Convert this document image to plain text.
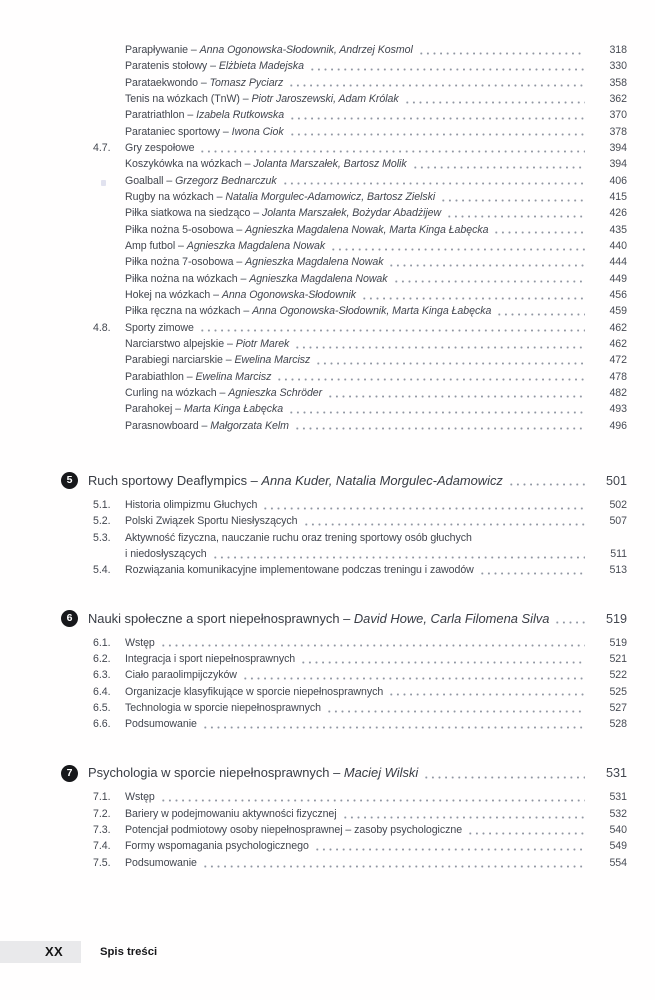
Parapływanie – Anna Ogonowska-Słodownik, Andrzej Kosmol	318

Paratenis stołowy – Elżbieta Madejska	330

Parataekwondo – Tomasz Pyciarz	358

Tenis na wózkach (TnW) – Piotr Jaroszewski, Adam Królak	362

Paratriathlon – Izabela Rutkowska	370

Parataniec sportowy – Iwona Ciok	378
4.7.	Gry zespołowe	394

Koszykówka na wózkach – Jolanta Marszałek, Bartosz Molik	394

Goalball – Grzegorz Bednarczuk	406

Rugby na wózkach – Natalia Morgulec-Adamowicz, Bartosz Zielski	415

Piłka siatkowa na siedząco – Jolanta Marszałek, Bożydar Abadżijew	426

Piłka nożna 5-osobowa – Agnieszka Magdalena Nowak, Marta Kinga Łabęcka	435

Amp futbol – Agnieszka Magdalena Nowak	440

Piłka nożna 7-osobowa – Agnieszka Magdalena Nowak	444

Piłka nożna na wózkach – Agnieszka Magdalena Nowak	449

Hokej na wózkach – Anna Ogonowska-Słodownik	456

Piłka ręczna na wózkach – Anna Ogonowska-Słodownik, Marta Kinga Łabęcka	459
4.8.	Sporty zimowe	462

Narciarstwo alpejskie – Piotr Marek	462

Parabiegi narciarskie – Ewelina Marcisz	472

Parabiathlon – Ewelina Marcisz	478

Curling na wózkach – Agnieszka Schröder	482

Parahokej – Marta Kinga Łabęcka	493

Parasnowboard – Małgorzata Kelm	496
5	Ruch sportowy Deaflympics – Anna Kuder, Natalia Morgulec-Adamowicz	501
5.1.	Historia olimpizmu Głuchych	502
5.2.	Polski Związek Sportu Niesłyszących	507
5.3.	Aktywność fizyczna, nauczanie ruchu oraz trening sportowy osób głuchych

i niedosłyszących	511
5.4.	Rozwiązania komunikacyjne implementowane podczas treningu i zawodów	513
6	Nauki społeczne a sport niepełnosprawnych – David Howe, Carla Filomena Silva	519
6.1.	Wstęp	519
6.2.	Integracja i sport niepełnosprawnych	521
6.3.	Ciało paraolimpijczyków	522
6.4.	Organizacje klasyfikujące w sporcie niepełnosprawnych	525
6.5.	Technologia w sporcie niepełnosprawnych	527
6.6.	Podsumowanie	528
7	Psychologia w sporcie niepełnosprawnych – Maciej Wilski	531
7.1.	Wstęp	531
7.2.	Bariery w podejmowaniu aktywności fizycznej	532
7.3.	Potencjał podmiotowy osoby niepełnosprawnej – zasoby psychologiczne	540
7.4.	Formy wspomagania psychologicznego	549
7.5.	Podsumowanie	554
XX	Spis treści
